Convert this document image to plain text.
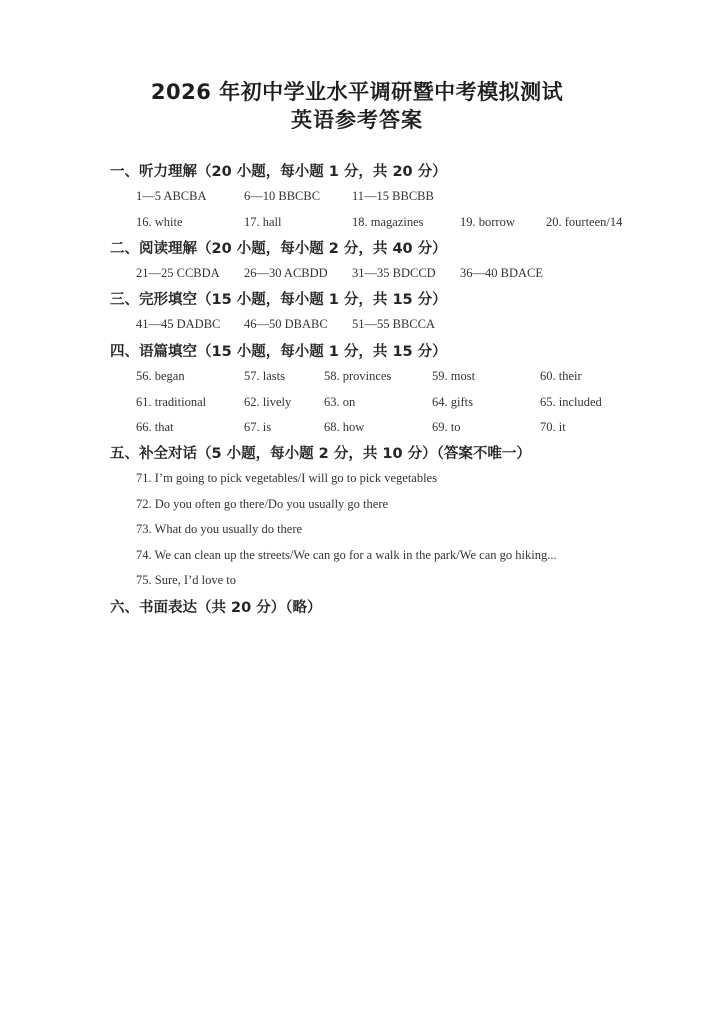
2026 年初中学业水平调研暨中考模拟测试
英语参考答案
一、听力理解（20 小题，每小题 1 分，共 20 分）
1—5 ABCBA	6—10 BBCBC	11—15 BBCBB
16. white	17. hall	18. magazines	19. borrow 20. fourteen/14
二、阅读理解（20 小题，每小题 2 分，共 40 分）
21—25 CCBDA 26—30 ACBDD 31—35 BDCCD 36—40 BDACE
三、完形填空（15 小题，每小题 1 分，共 15 分）
41—45 DADBC 46—50 DBABC 51—55 BBCCA
四、语篇填空（15 小题，每小题 1 分，共 15 分）
56. began	57. lasts	58. provinces	59. most	60. their
61. traditional	62. lively	63. on	64. gifts	65. included
66. that	67. is	68. how	69. to	70. it
五、补全对话（5 小题，每小题 2 分，共 10 分）（答案不唯一）
71. I’m going to pick vegetables/I will go to pick vegetables
72. Do you often go there/Do you usually go there
73. What do you usually do there
74. We can clean up the streets/We can go for a walk in the park/We can go hiking...
75. Sure, I’d love to
六、书面表达（共 20 分）（略）
